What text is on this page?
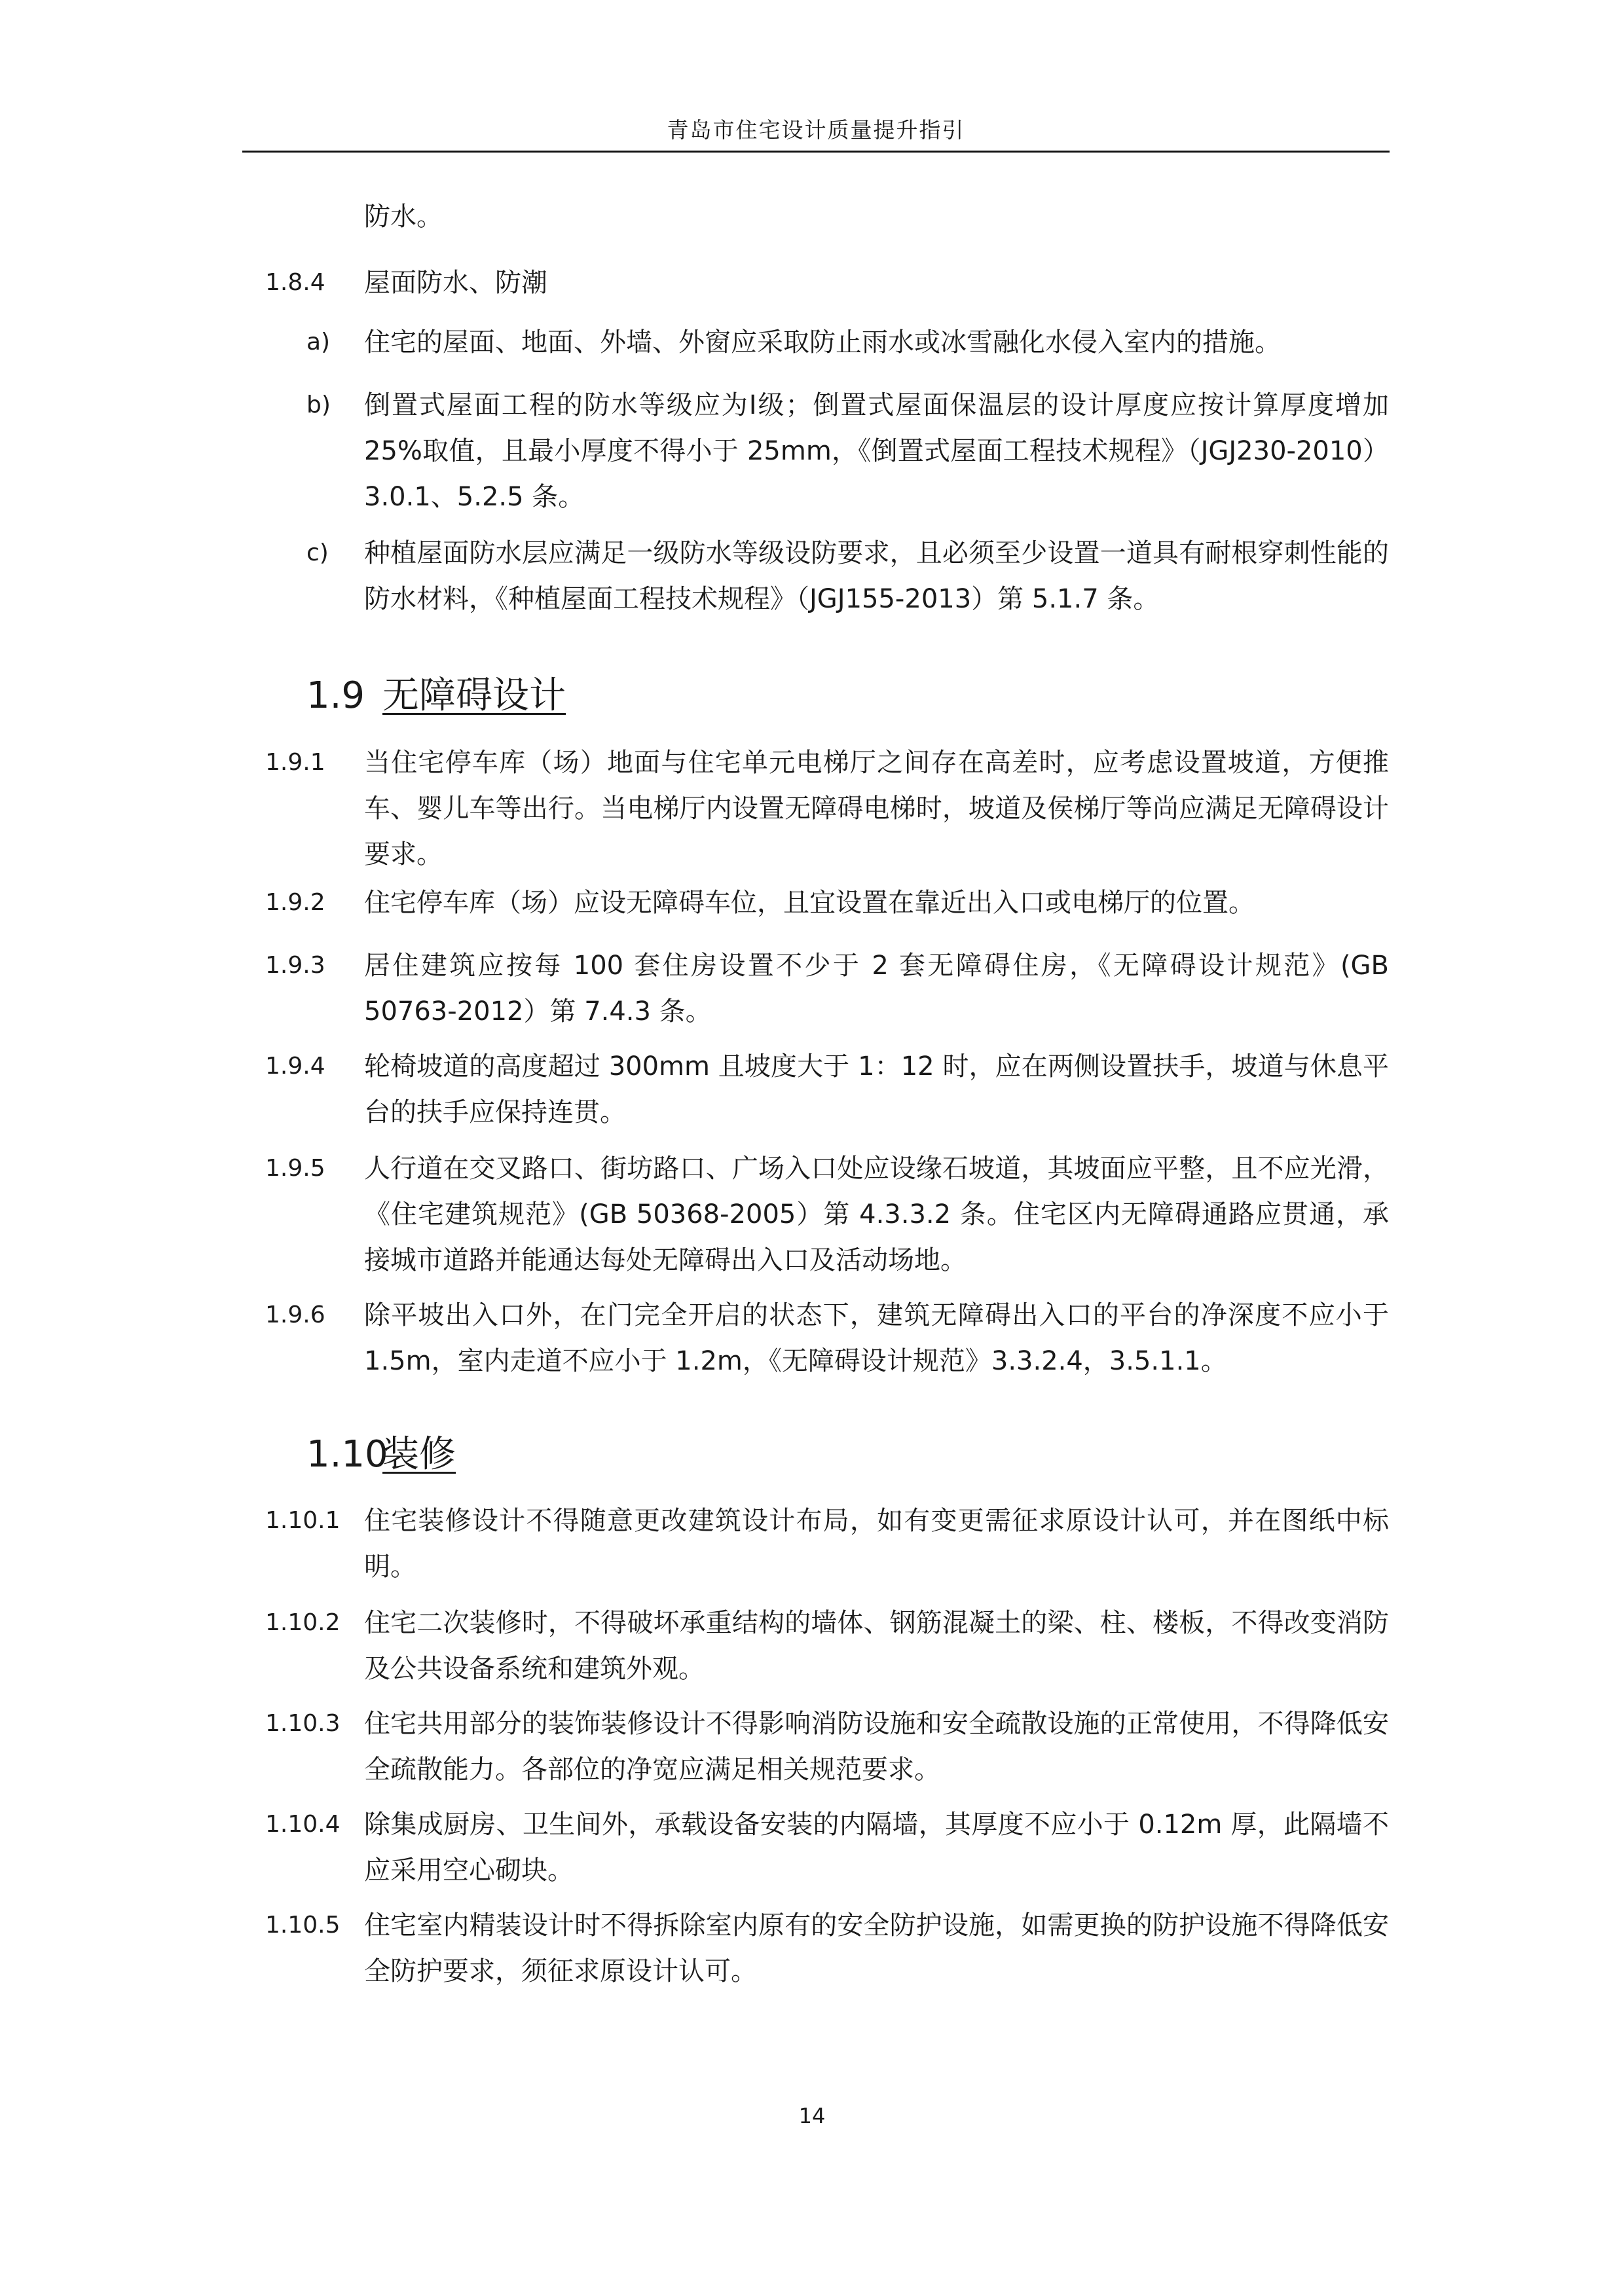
青岛市住宅设计质量提升指引
防水。
1.8.4 屋面防水、防潮
a) 住宅的屋面、地面、外墙、外窗应采取防止雨水或冰雪融化水侵入室内的措施。
b) 倒置式屋面工程的防水等级应为Ⅰ级；倒置式屋面保温层的设计厚度应按计算厚度增加 25%取值，且最小厚度不得小于 25mm，《倒置式屋面工程技术规程》（JGJ230-2010）3.0.1、5.2.5 条。
c) 种植屋面防水层应满足一级防水等级设防要求，且必须至少设置一道具有耐根穿刺性能的防水材料，《种植屋面工程技术规程》（JGJ155-2013）第 5.1.7 条。
1.9 无障碍设计
1.9.1 当住宅停车库（场）地面与住宅单元电梯厅之间存在高差时，应考虑设置坡道，方便推车、婴儿车等出行。当电梯厅内设置无障碍电梯时，坡道及侯梯厅等尚应满足无障碍设计要求。
1.9.2 住宅停车库（场）应设无障碍车位，且宜设置在靠近出入口或电梯厅的位置。
1.9.3 居住建筑应按每 100 套住房设置不少于 2 套无障碍住房，《无障碍设计规范》(GB 50763-2012）第 7.4.3 条。
1.9.4 轮椅坡道的高度超过 300mm 且坡度大于 1：12 时，应在两侧设置扶手，坡道与休息平台的扶手应保持连贯。
1.9.5 人行道在交叉路口、街坊路口、广场入口处应设缘石坡道，其坡面应平整，且不应光滑，《住宅建筑规范》(GB 50368-2005）第 4.3.3.2 条。住宅区内无障碍通路应贯通，承接城市道路并能通达每处无障碍出入口及活动场地。
1.9.6 除平坡出入口外，在门完全开启的状态下，建筑无障碍出入口的平台的净深度不应小于 1.5m，室内走道不应小于 1.2m，《无障碍设计规范》3.3.2.4，3.5.1.1。
1.10装修
1.10.1 住宅装修设计不得随意更改建筑设计布局，如有变更需征求原设计认可，并在图纸中标明。
1.10.2 住宅二次装修时，不得破坏承重结构的墙体、钢筋混凝土的梁、柱、楼板，不得改变消防及公共设备系统和建筑外观。
1.10.3 住宅共用部分的装饰装修设计不得影响消防设施和安全疏散设施的正常使用，不得降低安全疏散能力。各部位的净宽应满足相关规范要求。
1.10.4 除集成厨房、卫生间外，承载设备安装的内隔墙，其厚度不应小于 0.12m 厚，此隔墙不应采用空心砌块。
1.10.5 住宅室内精装设计时不得拆除室内原有的安全防护设施，如需更换的防护设施不得降低安全防护要求，须征求原设计认可。
14
